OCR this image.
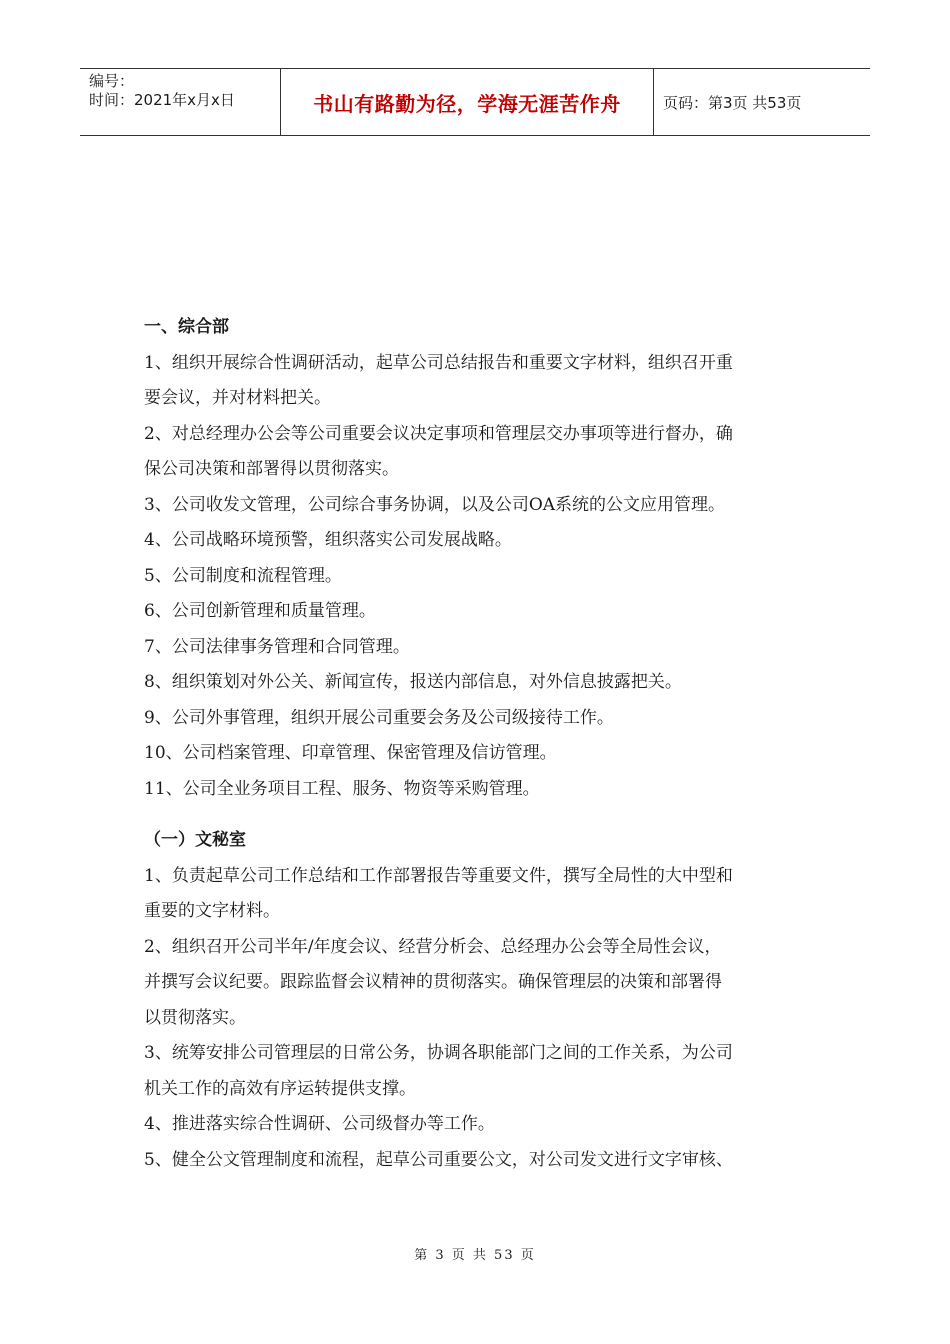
编号：
时间：2021年x月x日	书山有路勤为径，学海无涯苦作舟	页码：第3页 共53页

一、综合部

1、组织开展综合性调研活动，起草公司总结报告和重要文字材料，组织召开重

要会议，并对材料把关。

2、对总经理办公会等公司重要会议决定事项和管理层交办事项等进行督办，确

保公司决策和部署得以贯彻落实。

3、公司收发文管理，公司综合事务协调，以及公司OA系统的公文应用管理。

4、公司战略环境预警，组织落实公司发展战略。

5、公司制度和流程管理。

6、公司创新管理和质量管理。

7、公司法律事务管理和合同管理。

8、组织策划对外公关、新闻宣传，报送内部信息，对外信息披露把关。

9、公司外事管理，组织开展公司重要会务及公司级接待工作。

10、公司档案管理、印章管理、保密管理及信访管理。

11、公司全业务项目工程、服务、物资等采购管理。

（一）文秘室

1、负责起草公司工作总结和工作部署报告等重要文件，撰写全局性的大中型和

重要的文字材料。

2、组织召开公司半年/年度会议、经营分析会、总经理办公会等全局性会议，

并撰写会议纪要。跟踪监督会议精神的贯彻落实。确保管理层的决策和部署得

以贯彻落实。

3、统筹安排公司管理层的日常公务，协调各职能部门之间的工作关系，为公司

机关工作的高效有序运转提供支撑。

4、推进落实综合性调研、公司级督办等工作。

5、健全公文管理制度和流程，起草公司重要公文，对公司发文进行文字审核、

第 3 页 共 53 页
